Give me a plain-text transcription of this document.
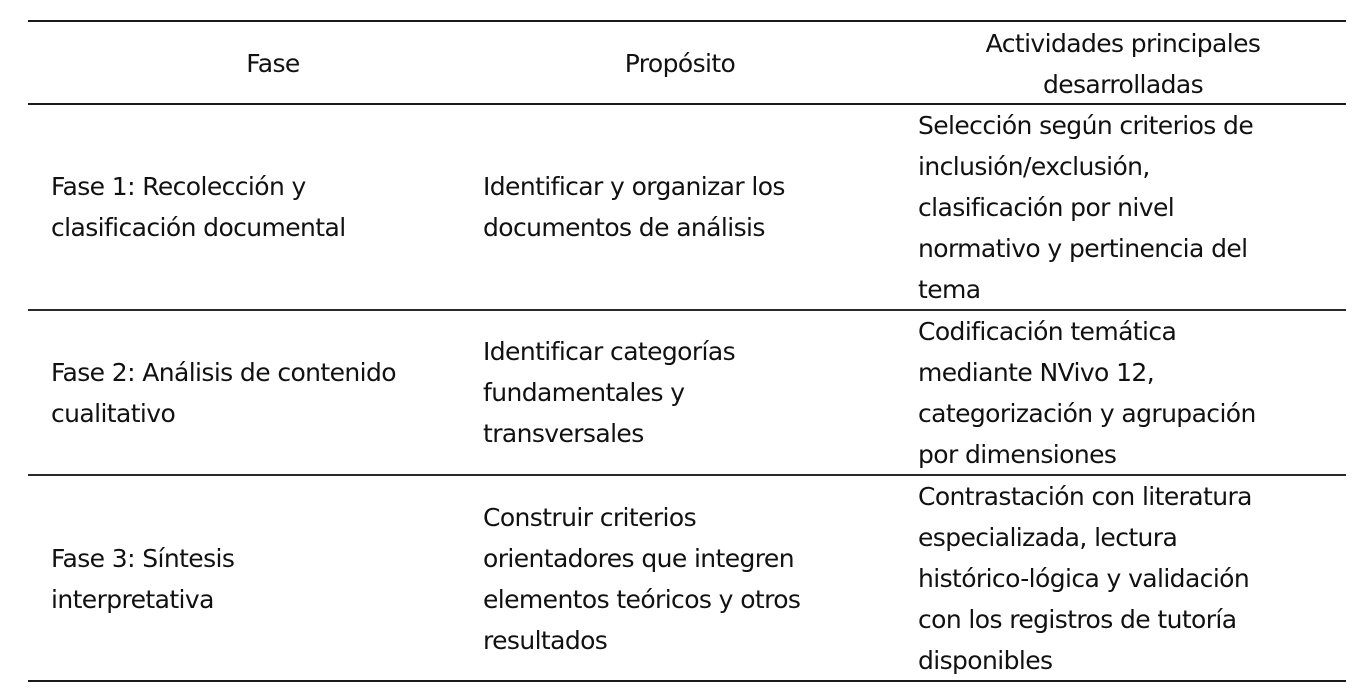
Fase	Propósito
Actividades principales
desarrolladas
Fase 1: Recolección y
clasificación documental
Identificar y organizar los
documentos de análisis
Selección según criterios de
inclusión/exclusión,
clasificación por nivel
normativo y pertinencia del
tema
Fase 2: Análisis de contenido
cualitativo
Identificar categorías
fundamentales y
transversales
Codificación temática
mediante NVivo 12,
categorización y agrupación
por dimensiones
Fase 3: Síntesis
interpretativa
Construir criterios
orientadores que integren
elementos teóricos y otros
resultados
Contrastación con literatura
especializada, lectura
histórico-lógica y validación
con los registros de tutoría
disponibles
